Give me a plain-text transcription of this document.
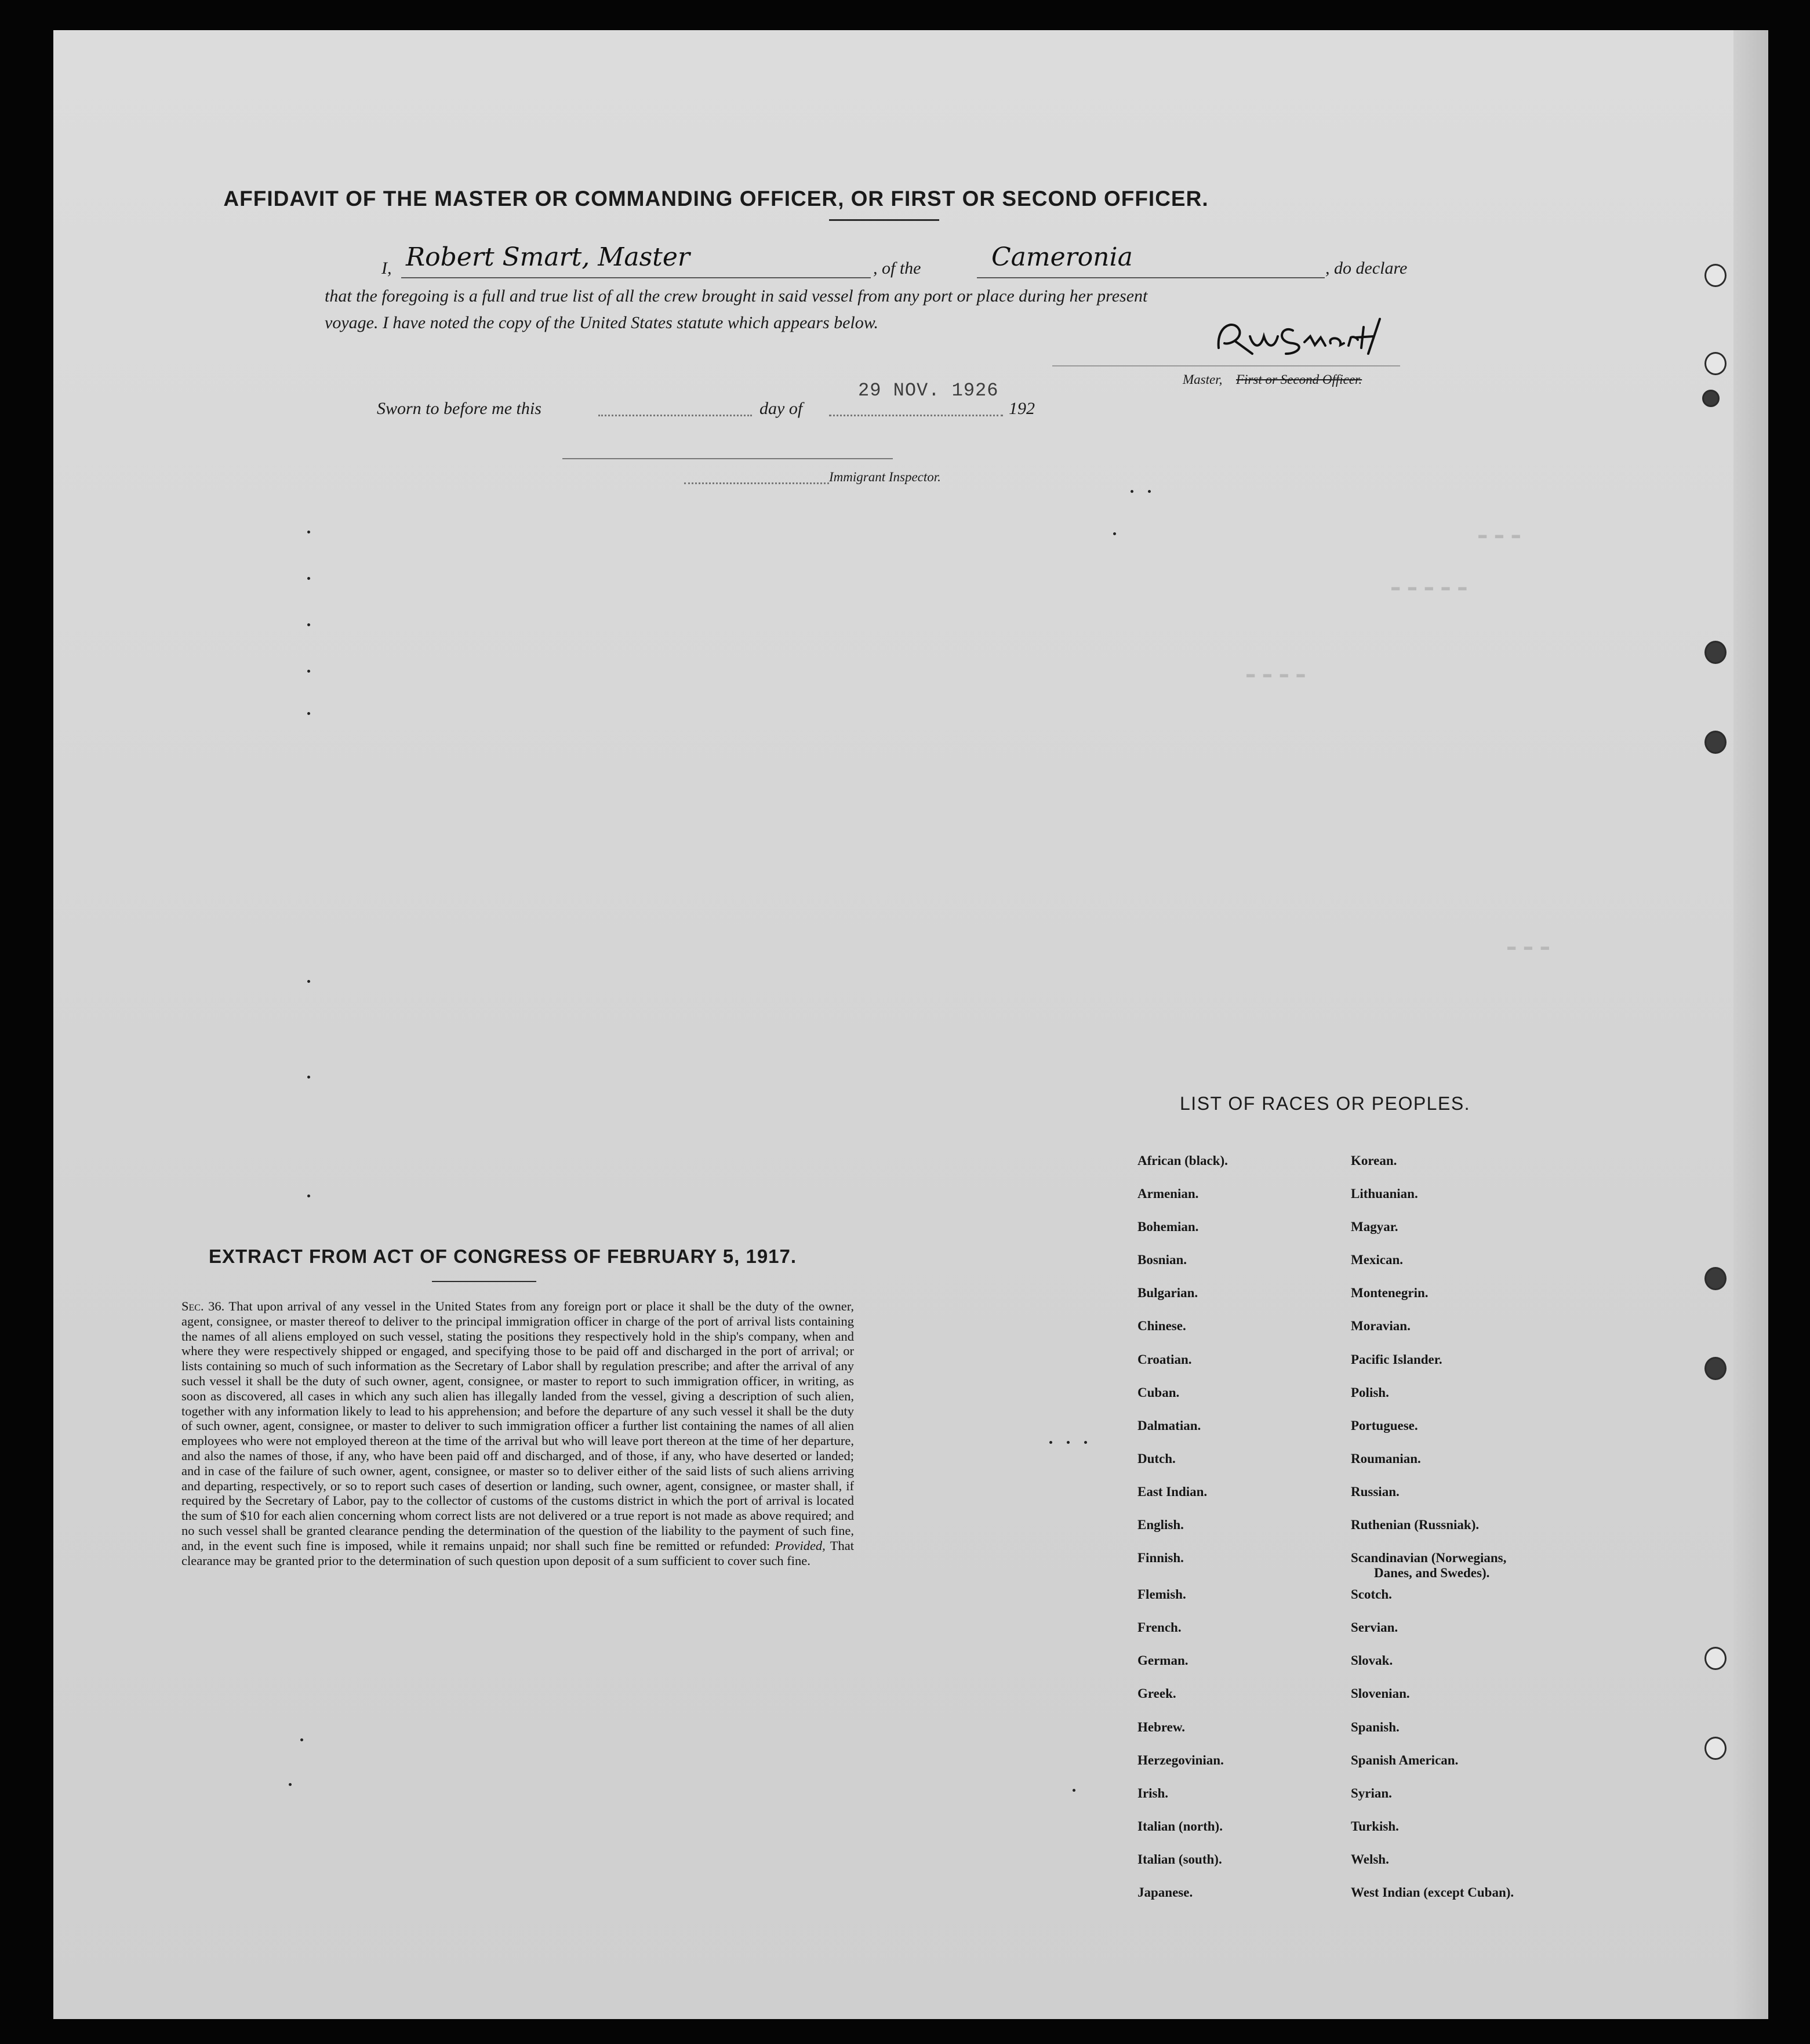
▬ ▬ ▬
▬ ▬ ▬ ▬ ▬
▬ ▬ ▬ ▬
▬ ▬ ▬
AFFIDAVIT OF THE MASTER OR COMMANDING OFFICER, OR FIRST OR SECOND OFFICER.
I, Robert Smart, Master	, of the	Cameronia	, do declare
that the foregoing is a full and true list of all the crew brought in said vessel from any port or place during her present
voyage. I have noted the copy of the United States statute which appears below.
Master, First or Second Officer.
Sworn to before me this	day of
29 NOV. 1926
192
Immigrant Inspector.
EXTRACT FROM ACT OF CONGRESS OF FEBRUARY 5, 1917.
Sec. 36. That upon arrival of any vessel in the United States from any foreign port or place it shall be the duty of the owner, agent, consignee, or master thereof to deliver to the principal immigration officer in charge of the port of arrival lists containing the names of all aliens employed on such vessel, stating the positions they respectively hold in the ship's company, when and where they were respectively shipped or engaged, and specifying those to be paid off and discharged in the port of arrival; or lists containing so much of such information as the Secretary of Labor shall by regulation prescribe; and after the arrival of any such vessel it shall be the duty of such owner, agent, consignee, or master to report to such immigration officer, in writing, as soon as discovered, all cases in which any such alien has illegally landed from the vessel, giving a description of such alien, together with any information likely to lead to his apprehension; and before the departure of any such vessel it shall be the duty of such owner, agent, consignee, or master to deliver to such immigration officer a further list containing the names of all alien employees who were not employed thereon at the time of the arrival but who will leave port thereon at the time of her departure, and also the names of those, if any, who have been paid off and discharged, and of those, if any, who have deserted or landed; and in case of the failure of such owner, agent, consignee, or master so to deliver either of the said lists of such aliens arriving and departing, respectively, or so to report such cases of desertion or landing, such owner, agent, consignee, or master shall, if required by the Secretary of Labor, pay to the collector of customs of the customs district in which the port of arrival is located the sum of $10 for each alien concerning whom correct lists are not delivered or a true report is not made as above required; and no such vessel shall be granted clearance pending the determination of the question of the liability to the payment of such fine, and, in the event such fine is imposed, while it remains unpaid; nor shall such fine be remitted or refunded: Provided, That clearance may be granted prior to the determination of such question upon deposit of a sum sufficient to cover such fine.
LIST OF RACES OR PEOPLES.
African (black).
Armenian.
Bohemian.
Bosnian.
Bulgarian.
Chinese.
Croatian.
Cuban.
Dalmatian.
Dutch.
East Indian.
English.
Finnish.
Flemish.
French.
German.
Greek.
Hebrew.
Herzegovinian.
Irish.
Italian (north).
Italian (south).
Japanese.
Korean.
Lithuanian.
Magyar.
Mexican.
Montenegrin.
Moravian.
Pacific Islander.
Polish.
Portuguese.
Roumanian.
Russian.
Ruthenian (Russniak).
Scandinavian (Norwegians,
Danes, and Swedes).
Scotch.
Servian.
Slovak.
Slovenian.
Spanish.
Spanish American.
Syrian.
Turkish.
Welsh.
West Indian (except Cuban).
